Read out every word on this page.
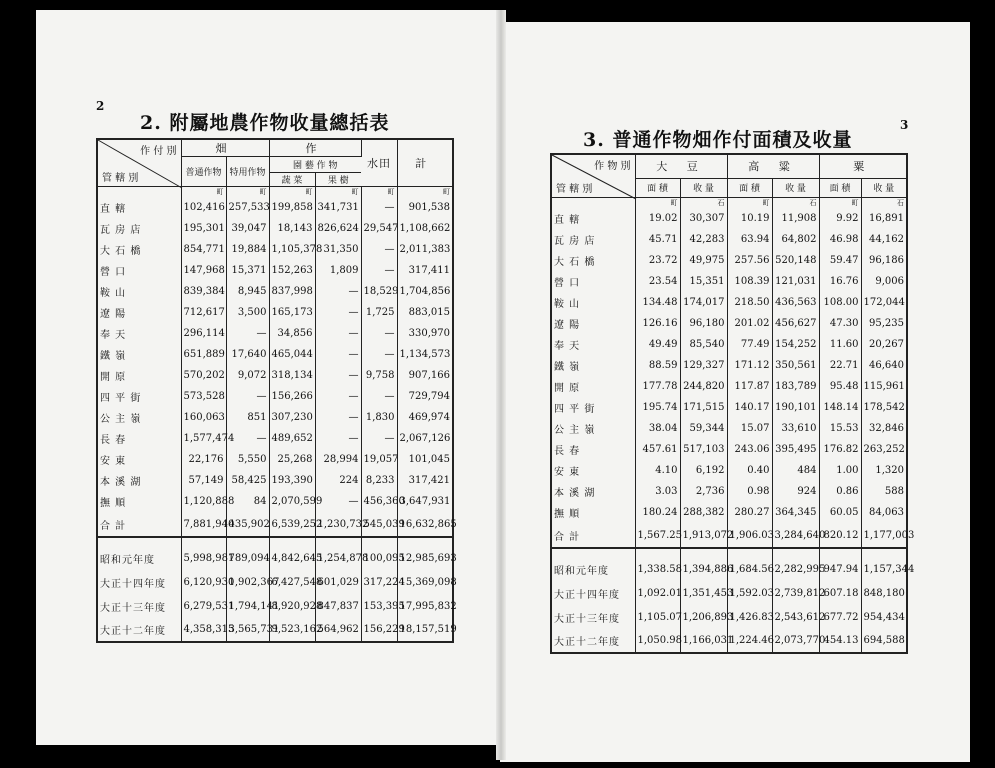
2
2. 附屬地農作物收量總括表
作 付 別
管 轄 別	畑		作		水田	計
	普通作物	特用作物	園 藝 作 物			
			蔬 菜	果 樹		
	町	町	町	町	町	町
直 轄	102,416	257,533	199,858	341,731	—	901,538
瓦 房 店	195,301	39,047	18,143	826,624	29,547	1,108,662
大 石 橋	854,771	19,884	1,105,378	31,350	—	2,011,383
營 口	147,968	15,371	152,263	1,809	—	317,411
鞍 山	839,384	8,945	837,998	—	18,529	1,704,856
遼 陽	712,617	3,500	165,173	—	1,725	883,015
奉 天	296,114	—	34,856	—	—	330,970
鐵 嶺	651,889	17,640	465,044	—	—	1,134,573
開 原	570,202	9,072	318,134	—	9,758	907,166
四 平 街	573,528	—	156,266	—	—	729,794
公 主 嶺	160,063	851	307,230	—	1,830	469,974
長 春	1,577,474	—	489,652	—	—	2,067,126
安 東	22,176	5,550	25,268	28,994	19,057	101,045
本 溪 湖	57,149	58,425	193,390	224	8,233	317,421
撫 順	1,120,888	84	2,070,599	—	456,360	3,647,931
合 計	7,881,940	435,902	6,539,252	1,230,732	545,039	16,632,865

昭和元年度	5,998,981	789,094	4,842,645	1,254,878	100,095	12,985,693
大正十四年度	6,120,930	1,902,367	6,427,548	601,029	317,224	15,369,098
大正十三年度	6,279,531	1,794,141	8,920,928	847,837	153,395	17,995,832
大正十二年度	4,358,315	3,565,731	9,523,162	564,962	156,229	18,157,519
3
3. 普通作物畑作付面積及收量
作 物 別
管 轄 別	大 豆		高 粱		粟	
	面 積	收 量	面 積	收 量	面 積	收 量
	町	石	町	石	町	石
直 轄	19.02	30,307	10.19	11,908	9.92	16,891
瓦 房 店	45.71	42,283	63.94	64,802	46.98	44,162
大 石 橋	23.72	49,975	257.56	520,148	59.47	96,186
營 口	23.54	15,351	108.39	121,031	16.76	9,006
鞍 山	134.48	174,017	218.50	436,563	108.00	172,044
遼 陽	126.16	96,180	201.02	456,627	47.30	95,235
奉 天	49.49	85,540	77.49	154,252	11.60	20,267
鐵 嶺	88.59	129,327	171.12	350,561	22.71	46,640
開 原	177.78	244,820	117.87	183,789	95.48	115,961
四 平 街	195.74	171,515	140.17	190,101	148.14	178,542
公 主 嶺	38.04	59,344	15.07	33,610	15.53	32,846
長 春	457.61	517,103	243.06	395,495	176.82	263,252
安 東	4.10	6,192	0.40	484	1.00	1,320
本 溪 湖	3.03	2,736	0.98	924	0.86	588
撫 順	180.24	288,382	280.27	364,345	60.05	84,063
合 計	1,567.25	1,913,072	1,906.03	3,284,640	820.12	1,177,003

昭和元年度	1,338.58	1,394,886	1,684.56	2,282,995	947.94	1,157,344
大正十四年度	1,092.01	1,351,453	1,592.03	2,739,812	607.18	848,180
大正十三年度	1,105.07	1,206,893	1,426.83	2,543,612	677.72	954,434
大正十二年度	1,050.98	1,166,031	1,224.46	2,073,770	454.13	694,588
